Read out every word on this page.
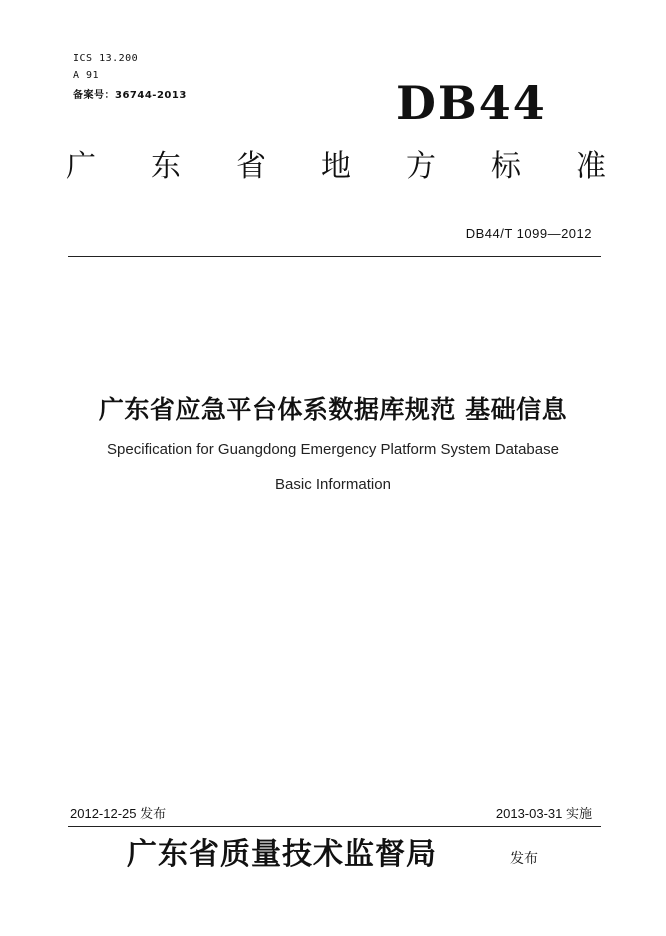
ICS 13.200
A 91
备案号：36744-2013	DB44
广 东 省 地 方 标 准
DB44/T 1099—2012
广东省应急平台体系数据库规范 基础信息
Specification for Guangdong Emergency Platform System Database
Basic Information
2012-12-25 发布	2013-03-31 实施
广东省质量技术监督局	发布
